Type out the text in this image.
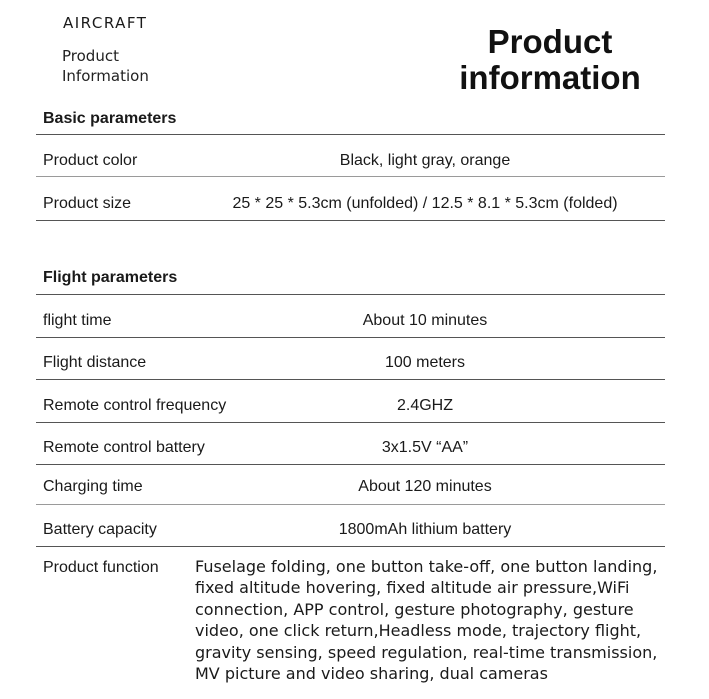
AIRCRAFT
Product
Information
Product
information
Basic parameters
Product color	Black, light gray, orange
Product size	25 * 25 * 5.3cm (unfolded) / 12.5 * 8.1 * 5.3cm (folded)
Flight parameters
flight time	About 10 minutes
Flight distance	100 meters
Remote control frequency	2.4GHZ
Remote control battery	3x1.5V “AA”
Charging time	About 120 minutes
Battery capacity	1800mAh lithium battery
Product function Fuselage folding, one button take-off, one button landing,
fixed altitude hovering, fixed altitude air pressure,WiFi
connection, APP control, gesture photography, gesture
video, one click return,Headless mode, trajectory flight,
gravity sensing, speed regulation, real-time transmission,
MV picture and video sharing, dual cameras
